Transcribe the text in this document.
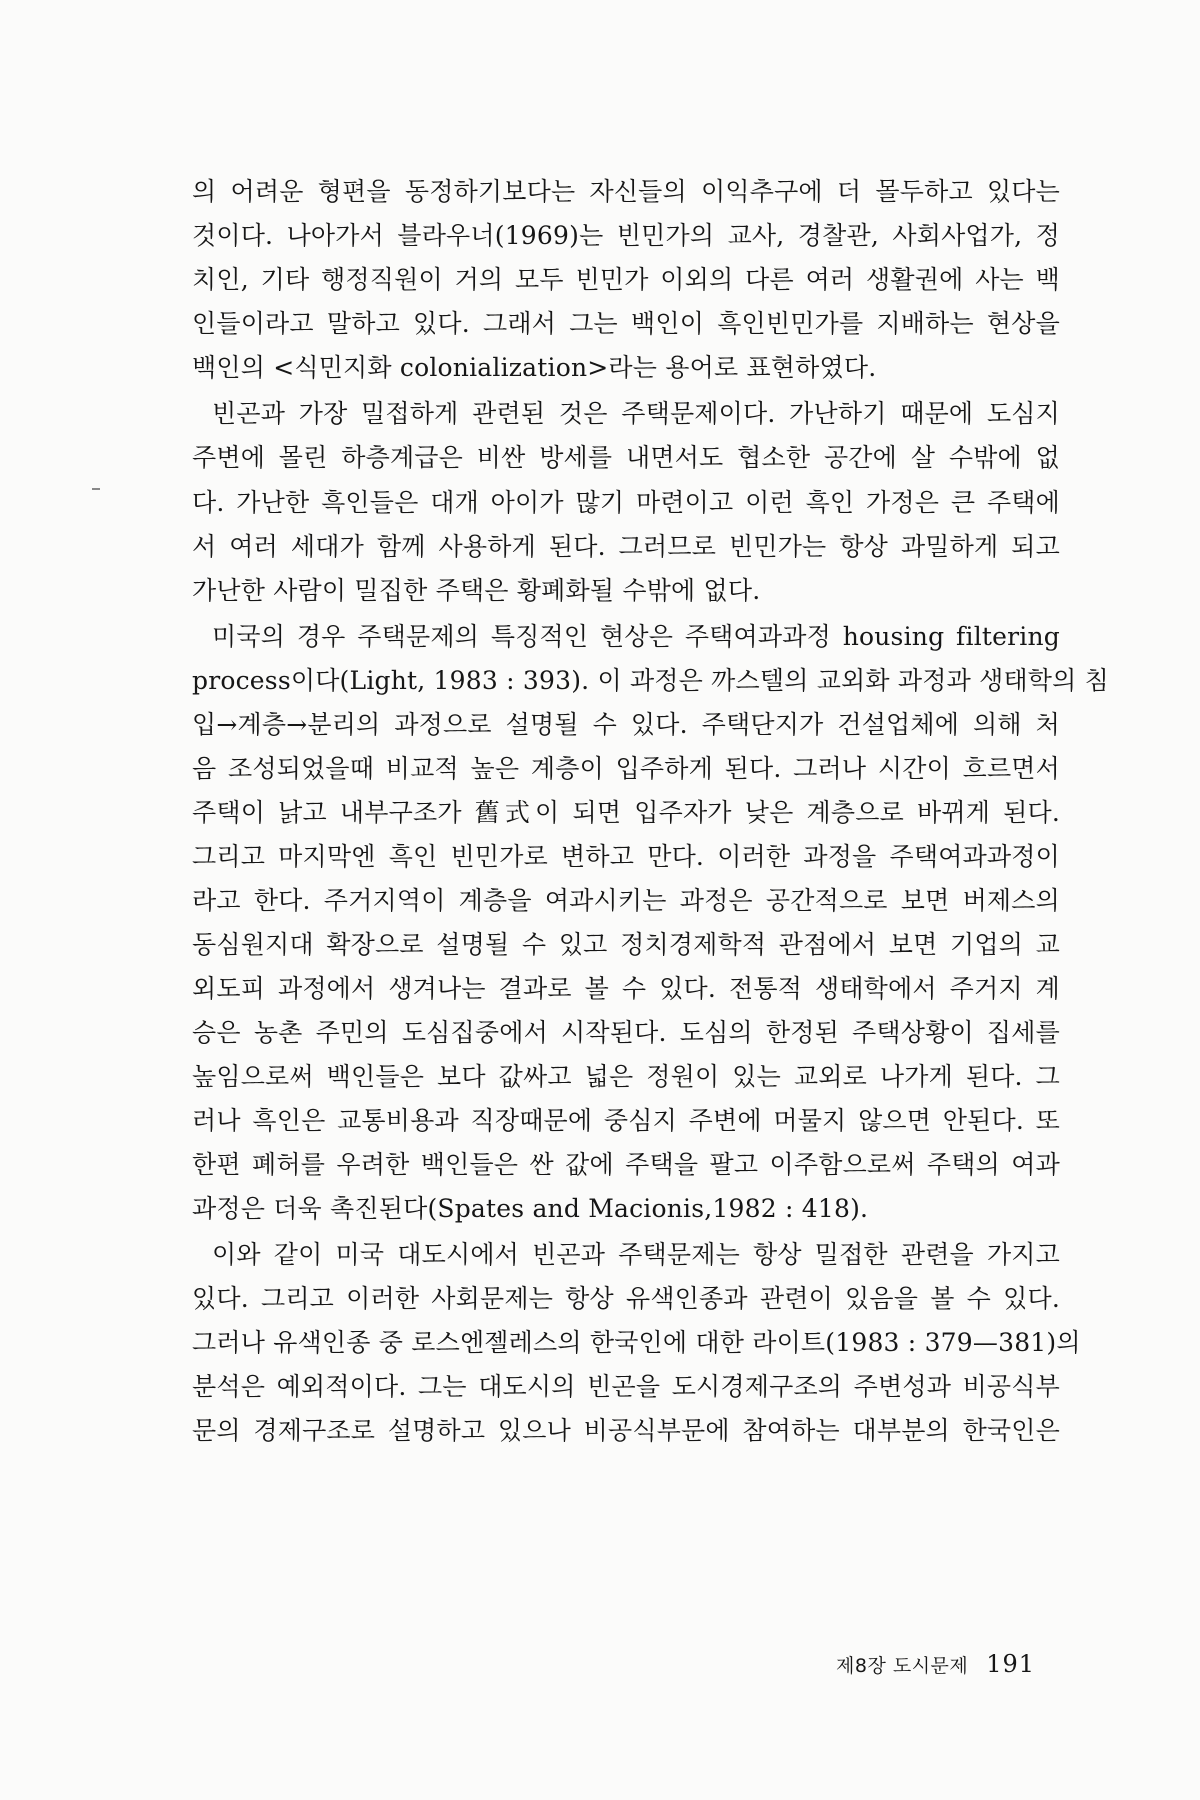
의 어려운 형편을 동정하기보다는 자신들의 이익추구에 더 몰두하고 있다는
것이다. 나아가서 블라우너(1969)는 빈민가의 교사, 경찰관, 사회사업가, 정
치인, 기타 행정직원이 거의 모두 빈민가 이외의 다른 여러 생활권에 사는 백
인들이라고 말하고 있다. 그래서 그는 백인이 흑인빈민가를 지배하는 현상을
백인의 <식민지화 colonialization>라는 용어로 표현하였다.
빈곤과 가장 밀접하게 관련된 것은 주택문제이다. 가난하기 때문에 도심지
주변에 몰린 하층계급은 비싼 방세를 내면서도 협소한 공간에 살 수밖에 없
다. 가난한 흑인들은 대개 아이가 많기 마련이고 이런 흑인 가정은 큰 주택에
서 여러 세대가 함께 사용하게 된다. 그러므로 빈민가는 항상 과밀하게 되고
가난한 사람이 밀집한 주택은 황폐화될 수밖에 없다.
미국의 경우 주택문제의 특징적인 현상은 주택여과과정 housing filtering
process이다(Light, 1983 : 393). 이 과정은 까스텔의 교외화 과정과 생태학의 침
입→계층→분리의 과정으로 설명될 수 있다. 주택단지가 건설업체에 의해 처
음 조성되었을때 비교적 높은 계층이 입주하게 된다. 그러나 시간이 흐르면서
주택이 낡고 내부구조가 舊式이 되면 입주자가 낮은 계층으로 바뀌게 된다.
그리고 마지막엔 흑인 빈민가로 변하고 만다. 이러한 과정을 주택여과과정이
라고 한다. 주거지역이 계층을 여과시키는 과정은 공간적으로 보면 버제스의
동심원지대 확장으로 설명될 수 있고 정치경제학적 관점에서 보면 기업의 교
외도피 과정에서 생겨나는 결과로 볼 수 있다. 전통적 생태학에서 주거지 계
승은 농촌 주민의 도심집중에서 시작된다. 도심의 한정된 주택상황이 집세를
높임으로써 백인들은 보다 값싸고 넓은 정원이 있는 교외로 나가게 된다. 그
러나 흑인은 교통비용과 직장때문에 중심지 주변에 머물지 않으면 안된다. 또
한편 폐허를 우려한 백인들은 싼 값에 주택을 팔고 이주함으로써 주택의 여과
과정은 더욱 촉진된다(Spates and Macionis,1982 : 418).
이와 같이 미국 대도시에서 빈곤과 주택문제는 항상 밀접한 관련을 가지고
있다. 그리고 이러한 사회문제는 항상 유색인종과 관련이 있음을 볼 수 있다.
그러나 유색인종 중 로스엔젤레스의 한국인에 대한 라이트(1983 : 379—381)의
분석은 예외적이다. 그는 대도시의 빈곤을 도시경제구조의 주변성과 비공식부
문의 경제구조로 설명하고 있으나 비공식부문에 참여하는 대부분의 한국인은
제8장 도시문제 191
